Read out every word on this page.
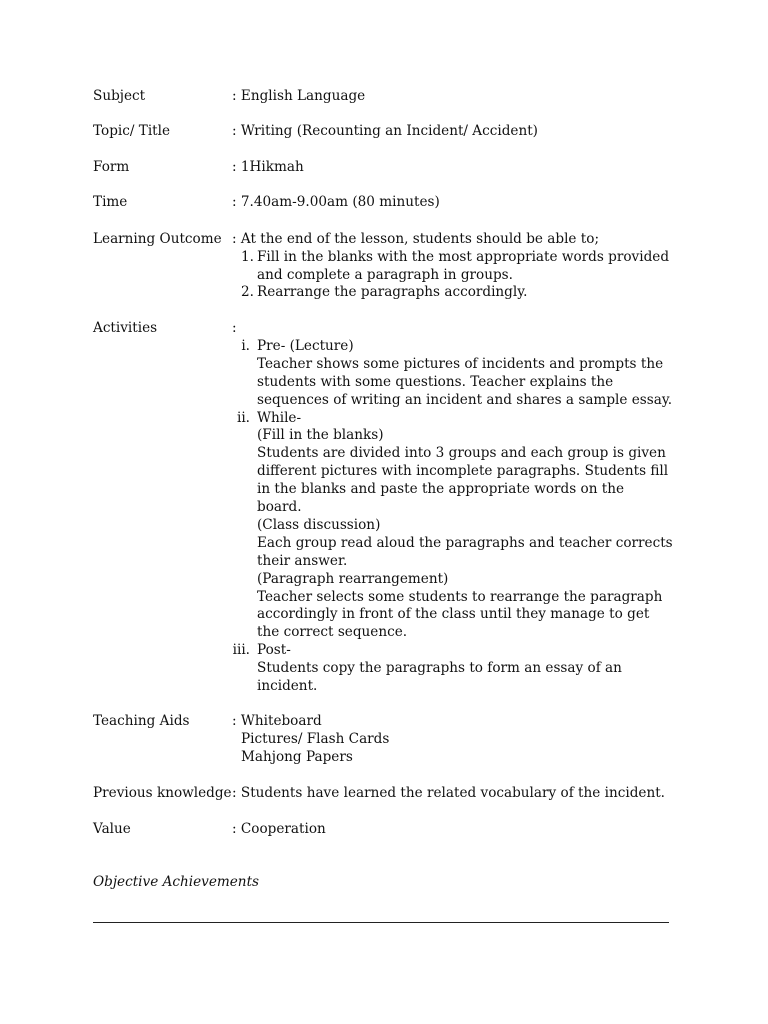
Subject	: English Language
Topic/ Title	: Writing (Recounting an Incident/ Accident)
Form	: 1Hikmah
Time	: 7.40am-9.00am (80 minutes)
Learning Outcome : At the end of the lesson, students should be able to;
1. Fill in the blanks with the most appropriate words provided
and complete a paragraph in groups.
2. Rearrange the paragraphs accordingly.
Activities	:
i. Pre- (Lecture)
Teacher shows some pictures of incidents and prompts the
students with some questions. Teacher explains the
sequences of writing an incident and shares a sample essay.
ii. While-
(Fill in the blanks)
Students are divided into 3 groups and each group is given
different pictures with incomplete paragraphs. Students fill
in the blanks and paste the appropriate words on the
board.
(Class discussion)
Each group read aloud the paragraphs and teacher corrects
their answer.
(Paragraph rearrangement)
Teacher selects some students to rearrange the paragraph
accordingly in front of the class until they manage to get
the correct sequence.
iii. Post-
Students copy the paragraphs to form an essay of an
incident.
Teaching Aids	: Whiteboard
Pictures/ Flash Cards
Mahjong Papers
Previous knowledge : Students have learned the related vocabulary of the incident.
Value	: Cooperation
Objective Achievements
